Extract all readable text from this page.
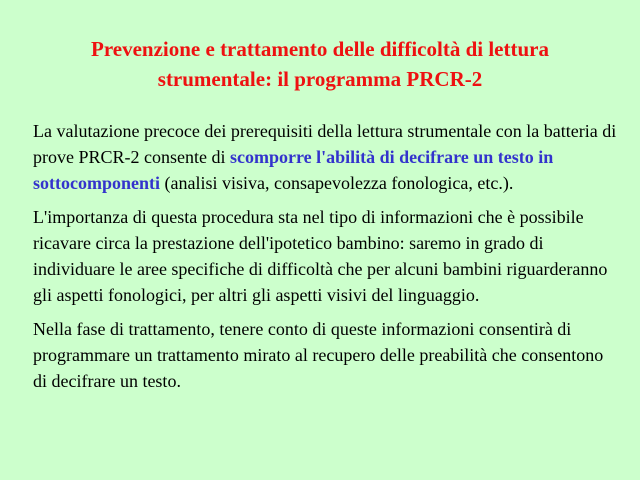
Prevenzione e trattamento delle difficoltà di lettura
strumentale: il programma PRCR-2

La valutazione precoce dei prerequisiti della lettura strumentale con la batteria di prove PRCR-2 consente di scomporre l'abilità di decifrare un testo in sottocomponenti (analisi visiva, consapevolezza fonologica, etc.).

L'importanza di questa procedura sta nel tipo di informazioni che è possibile ricavare circa la prestazione dell'ipotetico bambino: saremo in grado di individuare le aree specifiche di difficoltà che per alcuni bambini riguarderanno gli aspetti fonologici, per altri gli aspetti visivi del linguaggio.

Nella fase di trattamento, tenere conto di queste informazioni consentirà di programmare un trattamento mirato al recupero delle preabilità che consentono di decifrare un testo.
